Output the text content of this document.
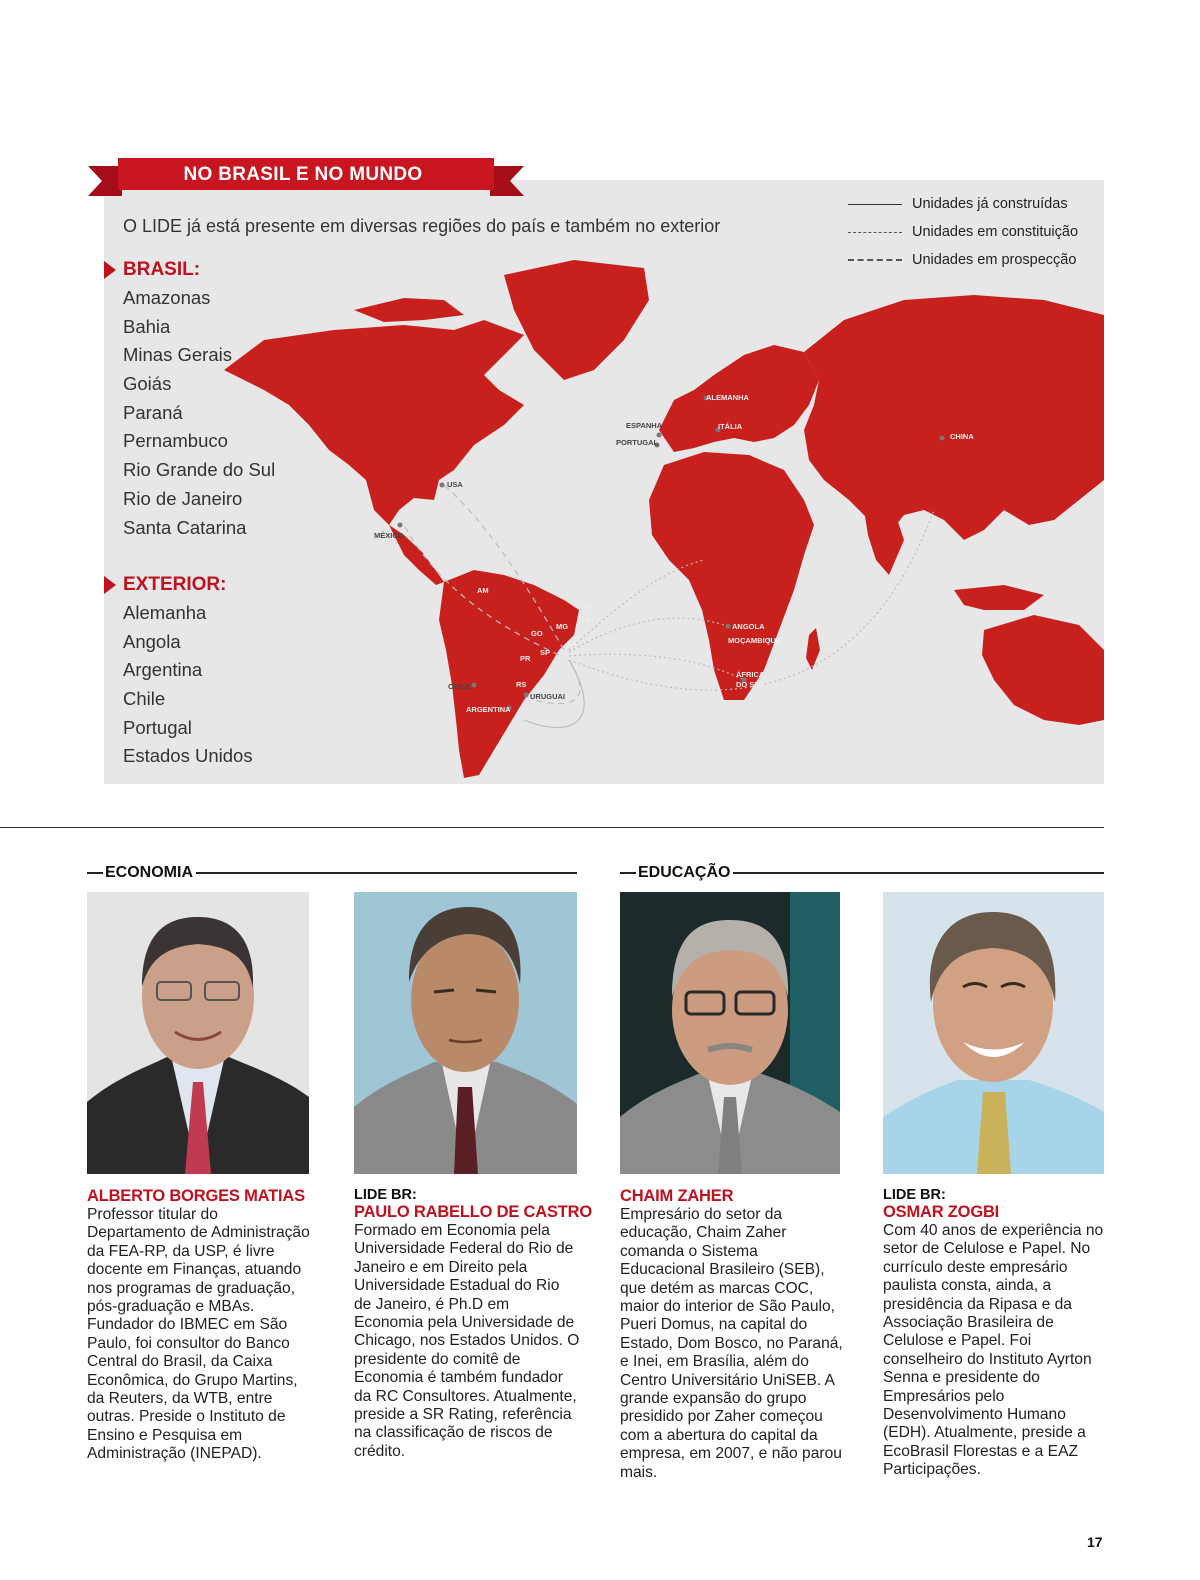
ALEMANHA
ESPANHA
PORTUGAL
ITÁLIA
CHINA
USA
MÉXICO
CHILE
ARGENTINA
URUGUAI
ANGOLA
MOÇAMBIQUE
ÁFRICA
DO SUL
AM
PE
BA
MG
GO
RJ
SP
PR
RS
NO BRASIL E NO MUNDO
O LIDE já está presente em diversas regiões do país e também no exterior
Unidades já construídas
Unidades em constituição
Unidades em prospecção
BRASIL:
Amazonas
Bahia
Minas Gerais
Goiás
Paraná
Pernambuco
Rio Grande do Sul
Rio de Janeiro
Santa Catarina
EXTERIOR:
Alemanha
Angola
Argentina
Chile
Portugal
Estados Unidos
ECONOMIA	EDUCAÇÃO
ALBERTO BORGES MATIAS
Professor titular do Departamento de Administração da FEA-RP, da USP, é livre docente em Finanças, atuando nos programas de graduação, pós-graduação e MBAs. Fundador do IBMEC em São Paulo, foi consultor do Banco Central do Brasil, da Caixa Econômica, do Grupo Martins, da Reuters, da WTB, entre outras. Preside o Instituto de Ensino e Pesquisa em Administração (INEPAD).
LIDE BR:
PAULO RABELLO DE CASTRO
Formado em Economia pela Universidade Federal do Rio de Janeiro e em Direito pela Universidade Estadual do Rio de Janeiro, é Ph.D em Economia pela Universidade de Chicago, nos Estados Unidos. O presidente do comitê de Economia é também fundador da RC Consultores. Atualmente, preside a SR Rating, referência na classificação de riscos de crédito.
CHAIM ZAHER
Empresário do setor da educação, Chaim Zaher comanda o Sistema Educacional Brasileiro (SEB), que detém as marcas COC, maior do interior de São Paulo, Pueri Domus, na capital do Estado, Dom Bosco, no Paraná, e Inei, em Brasília, além do Centro Universitário UniSEB. A grande expansão do grupo presidido por Zaher começou com a abertura do capital da empresa, em 2007, e não parou mais.
LIDE BR:
OSMAR ZOGBI
Com 40 anos de experiência no setor de Celulose e Papel. No currículo deste empresário paulista consta, ainda, a presidência da Ripasa e da Associação Brasileira de Celulose e Papel. Foi conselheiro do Instituto Ayrton Senna e presidente do Empresários pelo Desenvolvimento Humano (EDH). Atualmente, preside a EcoBrasil Florestas e a EAZ Participações.
17
